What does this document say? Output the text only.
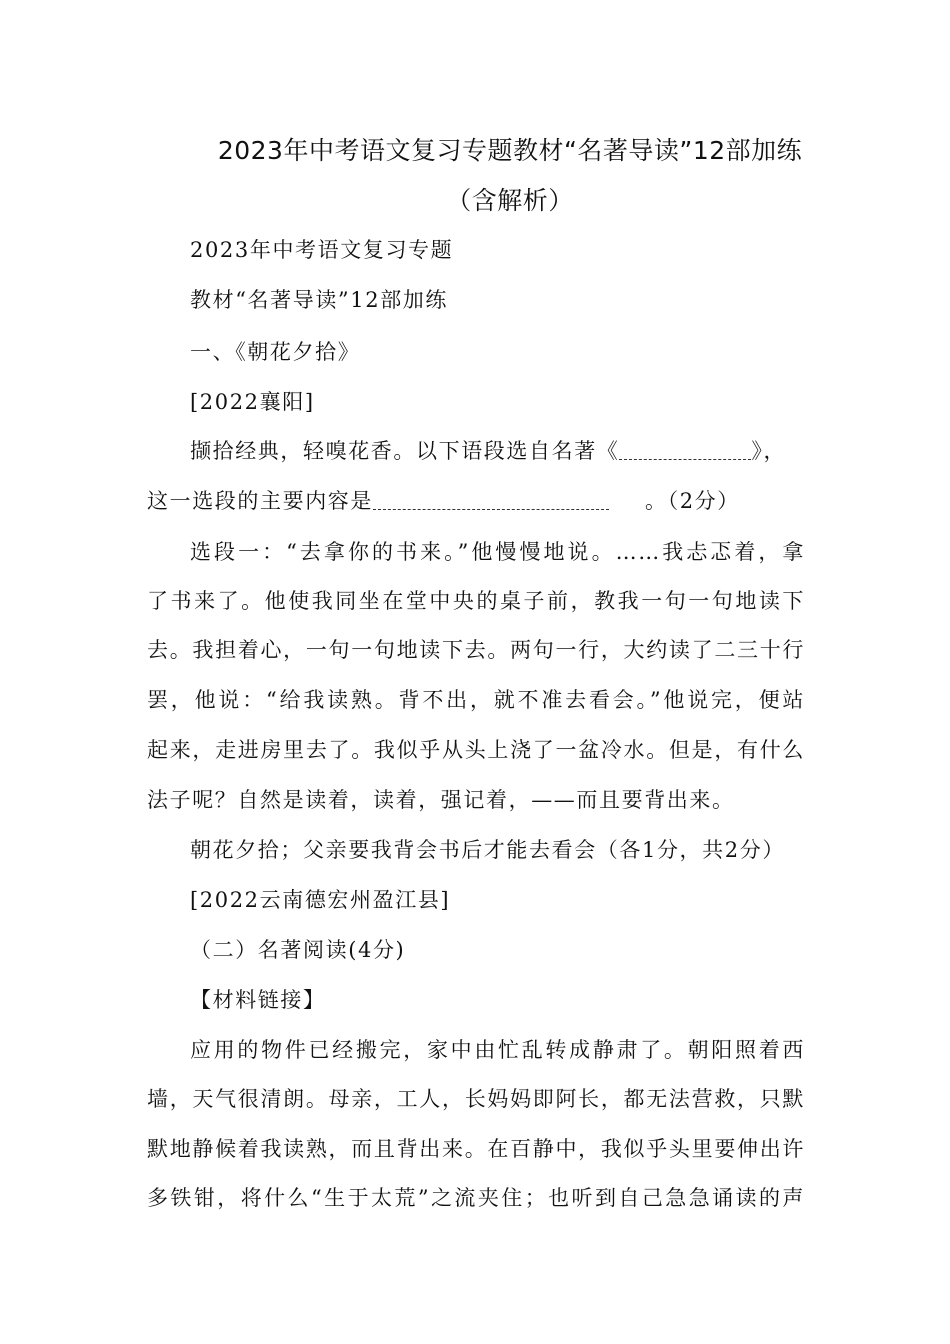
2023年中考语文复习专题教材“名著导读”12部加练
（含解析）
2023年中考语文复习专题
教材“名著导读”12部加练
一、《朝花夕拾》
[2022襄阳]
撷拾经典，轻嗅花香。以下语段选自名著《	》，
这一选段的主要内容是	。（2分）
选段一：“去拿你的书来。”他慢慢地说。……我忐忑着，拿
了书来了。他使我同坐在堂中央的桌子前，教我一句一句地读下
去。我担着心，一句一句地读下去。两句一行，大约读了二三十行
罢，他说：“给我读熟。背不出，就不准去看会。”他说完，便站
起来，走进房里去了。我似乎从头上浇了一盆冷水。但是，有什么
法子呢？自然是读着，读着，强记着，——而且要背出来。
朝花夕拾；父亲要我背会书后才能去看会（各1分，共2分）
[2022云南德宏州盈江县]
（二）名著阅读(4分)
【材料链接】
应用的物件已经搬完，家中由忙乱转成静肃了。朝阳照着西
墙，天气很清朗。母亲，工人，长妈妈即阿长，都无法营救，只默
默地静候着我读熟，而且背出来。在百静中，我似乎头里要伸出许
多铁钳，将什么“生于太荒”之流夹住；也听到自己急急诵读的声
